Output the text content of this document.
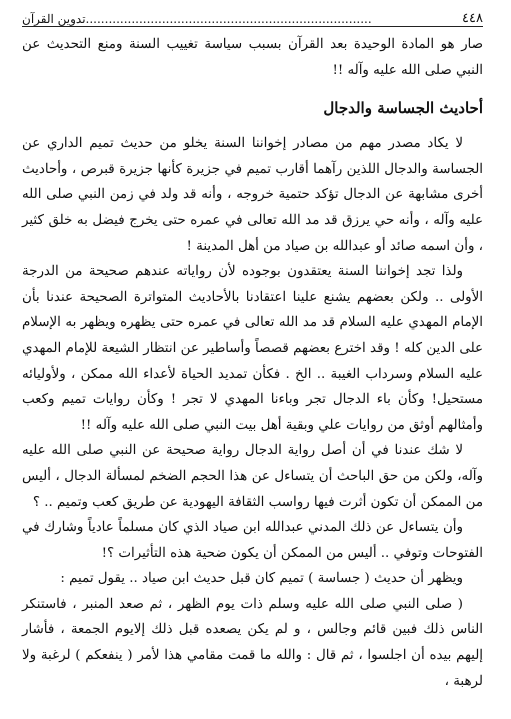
٤٤٨
...........................................................................تدوين القرآن

صار هو المادة الوحيدة بعد القرآن بسبب سياسة تغييب السنة ومنع التحديث عن النبي صلى الله عليه وآله !!

أحاديث الجساسة والدجال

لا يكاد مصدر مهم من مصادر إخواننا السنة يخلو من حديث تميم الداري عن الجساسة والدجال اللذين رآهما أقارب تميم في جزيرة كأنها جزيرة قبرص ، وأحاديث أخرى مشابهة عن الدجال تؤكد حتمية خروجه ، وأنه قد ولد في زمن النبي صلى الله عليه وآله ، وأنه حي يرزق قد مد الله تعالى في عمره حتى يخرج فيضل به خلق كثير ، وأن اسمه صائد أو عبدالله بن صياد من أهل المدينة !

ولذا تجد إخواننا السنة يعتقدون بوجوده لأن رواياته عندهم صحيحة من الدرجة الأولى .. ولكن بعضهم يشنع علينا اعتقادنا بالأحاديث المتواترة الصحيحة عندنا بأن الإمام المهدي عليه السلام قد مد الله تعالى في عمره حتى يظهره ويظهر به الإسلام على الدين كله ! وقد اخترع بعضهم قصصاً وأساطير عن انتظار الشيعة للإمام المهدي عليه السلام وسرداب الغيبة .. الخ . فكأن تمديد الحياة لأعداء الله ممكن ، ولأوليائه مستحيل! وكأن باء الدجال تجر وباءنا المهدي لا تجر ! وكأن روايات تميم وكعب وأمثالهم أوثق من روايات علي وبقية أهل بيت النبي صلى الله عليه وآله !!

لا شك عندنا في أن أصل رواية الدجال رواية صحيحة عن النبي صلى الله عليه وآله، ولكن من حق الباحث أن يتساءل عن هذا الحجم الضخم لمسألة الدجال ، أليس من الممكن أن تكون أثرت فيها رواسب الثقافة اليهودية عن طريق كعب وتميم .. ؟

وأن يتساءل عن ذلك المدني عبدالله ابن صياد الذي كان مسلماً عادياً وشارك في الفتوحات وتوفي .. أليس من الممكن أن يكون ضحية هذه التأثيرات ؟!

ويظهر أن حديث ( جساسة ) تميم كان قبل حديث ابن صياد .. يقول تميم :

( صلى النبي صلى الله عليه وسلم ذات يوم الظهر ، ثم صعد المنبر ، فاستنكر الناس ذلك فبين قائم وجالس ، و لم يكن يصعده قبل ذلك إلايوم الجمعة ، فأشار إليهم بيده أن اجلسوا ، ثم قال : والله ما قمت مقامي هذا لأمر ( ينفعكم ) لرغبة ولا لرهبة ،
